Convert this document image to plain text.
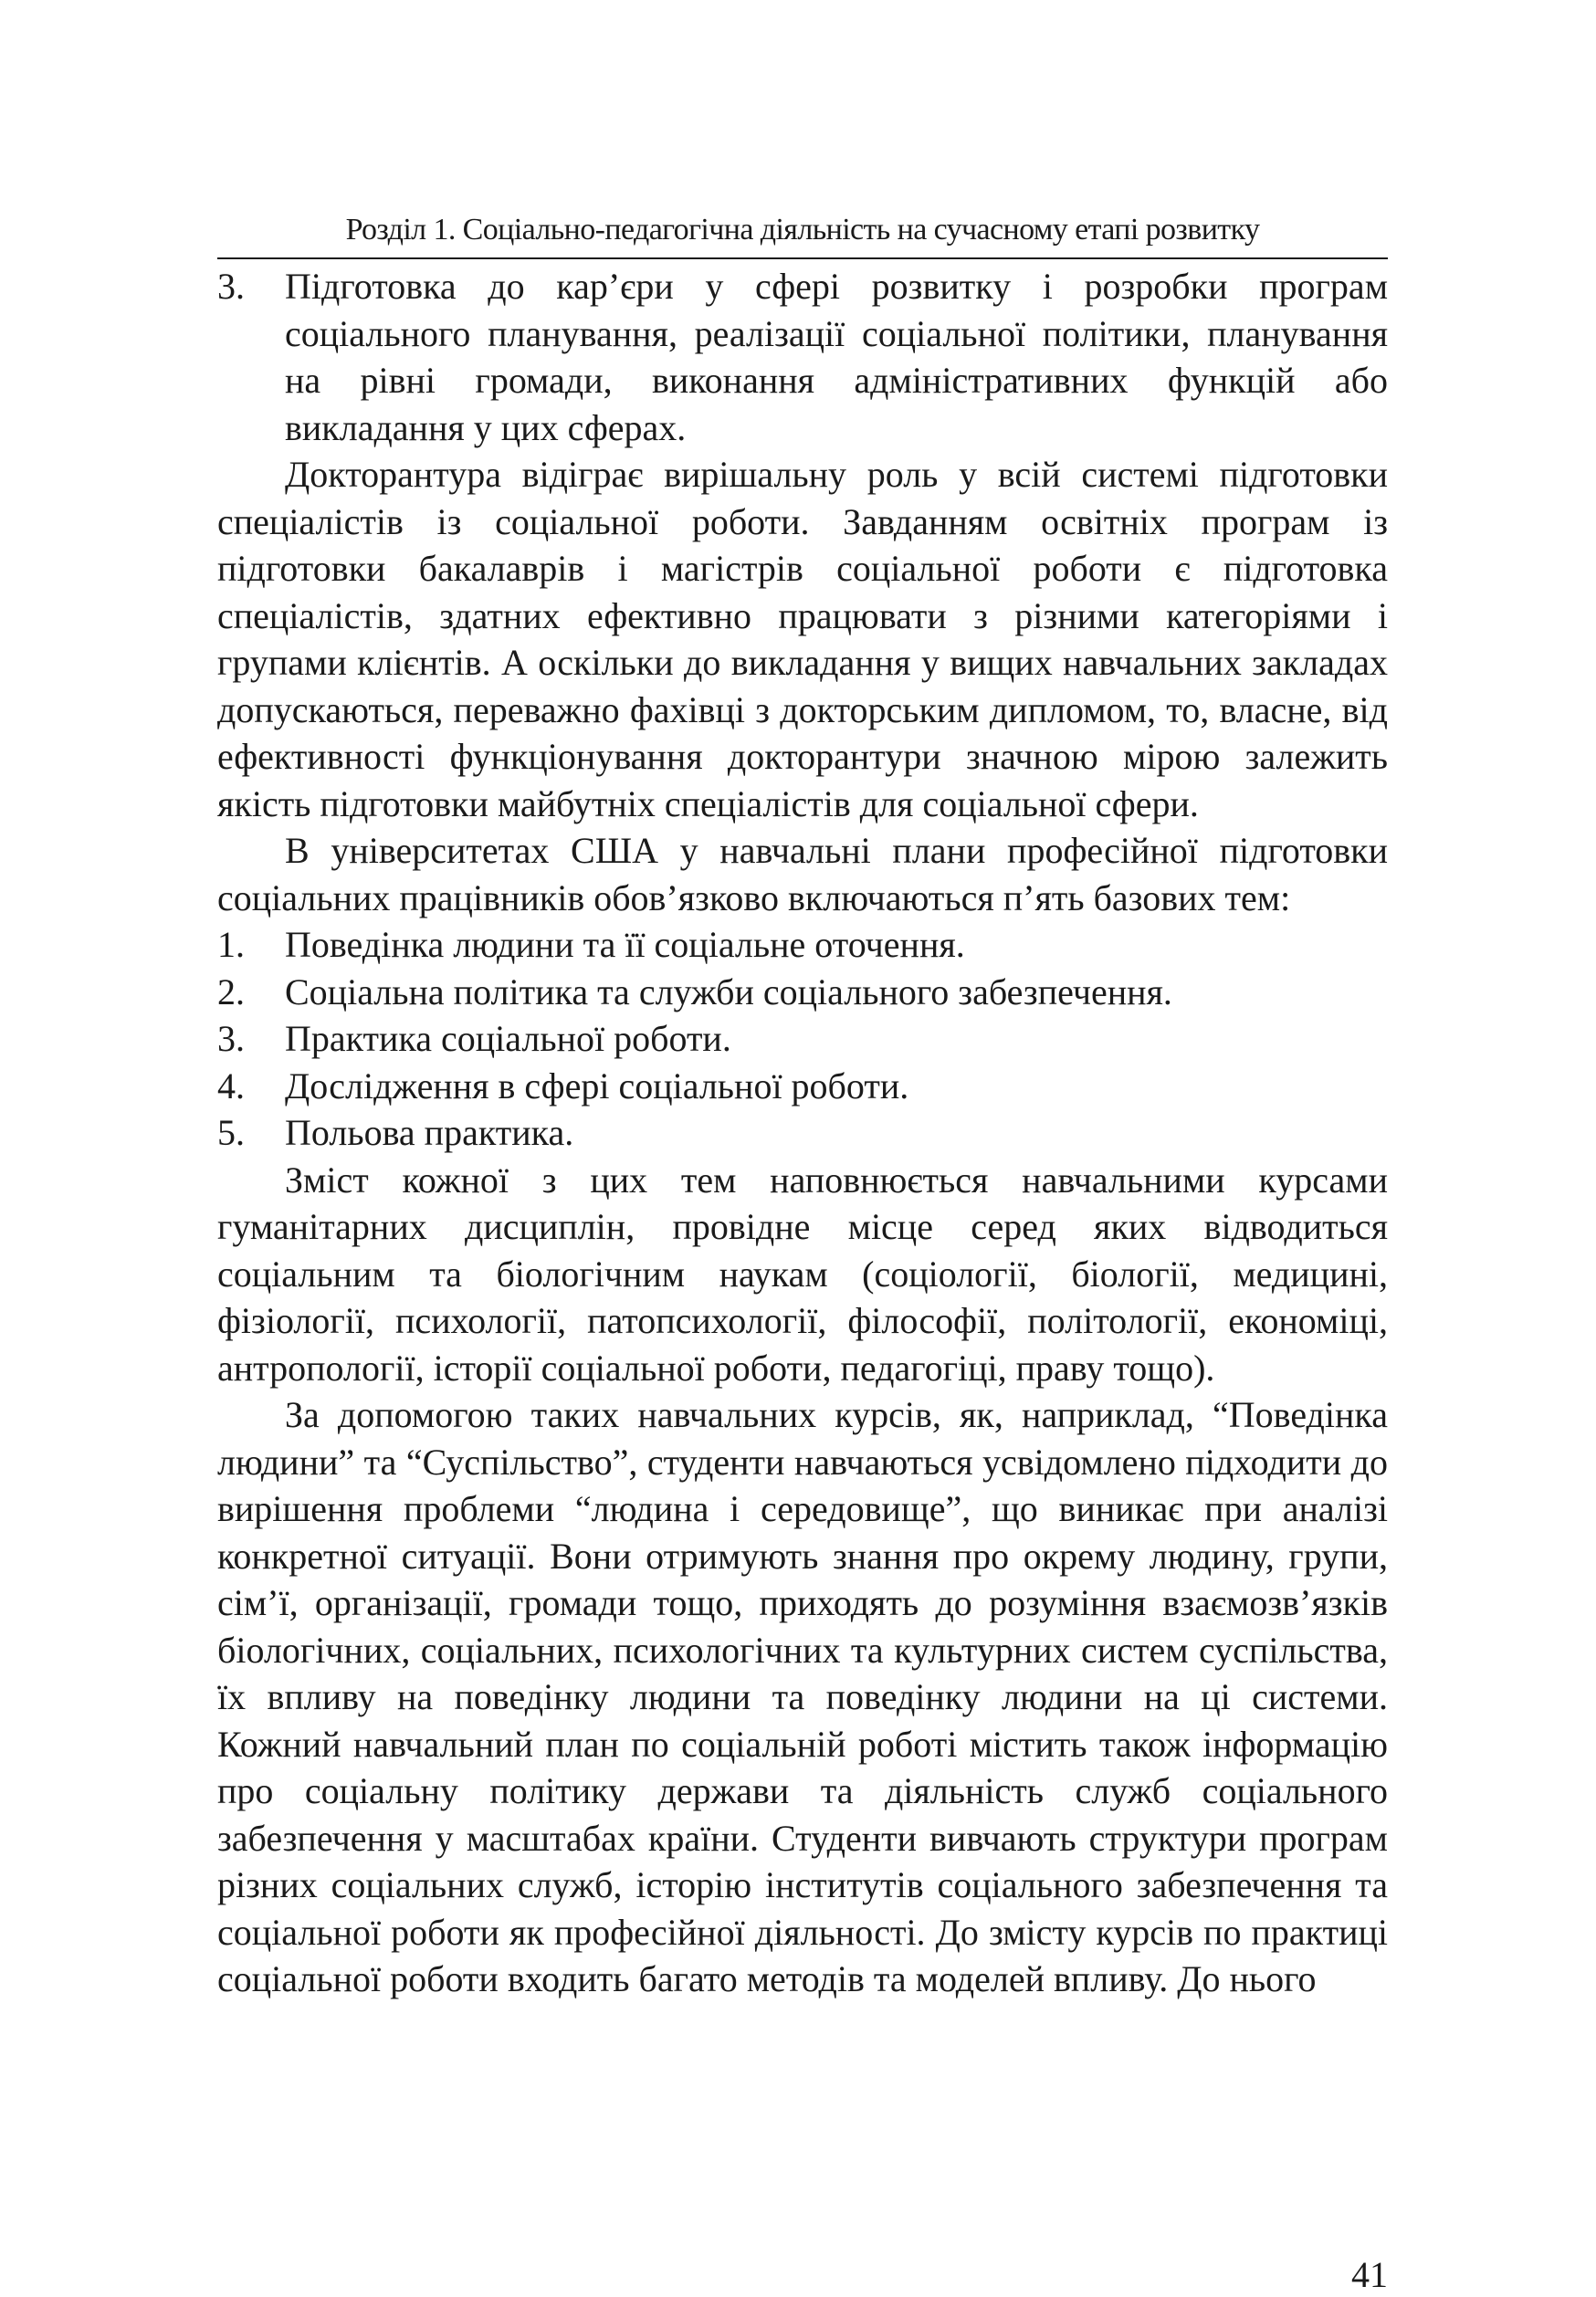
Розділ 1. Соціально-педагогічна діяльність на сучасному етапі розвитку
3.	Підготовка до кар’єри у сфері розвитку і розробки програм соціального планування, реалізації соціальної політики, планування на рівні громади, виконання адміністративних функцій або викладання у цих сферах.

Докторантура відіграє вирішальну роль у всій системі підготовки спеціалістів із соціальної роботи. Завданням освітніх програм із підготовки бакалаврів і магістрів соціальної роботи є підготовка спеціалістів, здатних ефективно працювати з різними категоріями і групами клієнтів. А оскільки до викладання у вищих навчальних закладах допускаються, переважно фахівці з докторським дипломом, то, власне, від ефективності функціонування докторантури значною мірою залежить якість підготовки майбутніх спеціалістів для соціальної сфери.

В університетах США у навчальні плани професійної підготовки соціальних працівників обов’язково включаються п’ять базових тем:

1.	Поведінка людини та її соціальне оточення.
2.	Соціальна політика та служби соціального забезпечення.
3.	Практика соціальної роботи.
4.	Дослідження в сфері соціальної роботи.
5.	Польова практика.

Зміст кожної з цих тем наповнюється навчальними курсами гуманітарних дисциплін, провідне місце серед яких відводиться соціальним та біологічним наукам (соціології, біології, медицині, фізіології, психології, патопсихології, філософії, політології, економіці, антропології, історії соціальної роботи, педагогіці, праву тощо).

За допомогою таких навчальних курсів, як, наприклад, “Поведінка людини” та “Суспільство”, студенти навчаються усвідомлено підходити до вирішення проблеми “людина і середовище”, що виникає при аналізі конкретної ситуації. Вони отримують знання про окрему людину, групи, сім’ї, організації, громади тощо, приходять до розуміння взаємозв’язків біологічних, соціальних, психологічних та культурних систем суспільства, їх впливу на поведінку людини та поведінку людини на ці системи. Кожний навчальний план по соціальній роботі містить також інформацію про соціальну політику держави та діяльність служб соціального забезпечення у масштабах країни. Студенти вивчають структури програм різних соціальних служб, історію інститутів соціального забезпечення та соціальної роботи як професійної діяльності. До змісту курсів по практиці соціальної роботи входить багато методів та моделей впливу. До нього

41
